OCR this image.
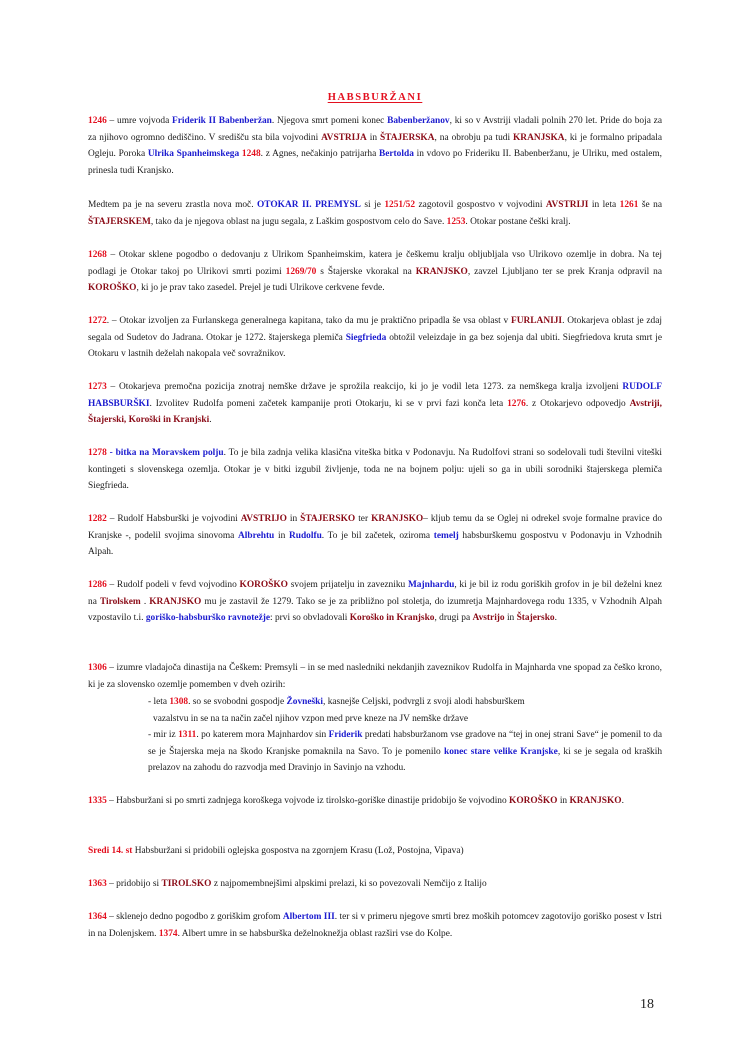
HABSBURŽANI

1246 – umre vojvoda Friderik II Babenberžan. Njegova smrt pomeni konec Babenberžanov, ki so v Avstriji vladali polnih 270 let. Pride do boja za za njihovo ogromno dediščino. V središču sta bila vojvodini AVSTRIJA in ŠTAJERSKA, na obrobju pa tudi KRANJSKA, ki je formalno pripadala Ogleju. Poroka Ulrika Spanheimskega 1248. z Agnes, nečakinjo patrijarha Bertolda in vdovo po Frideriku II. Babenberžanu, je Ulriku, med ostalem, prinesla tudi Kranjsko.

Medtem pa je na severu zrastla nova moč. OTOKAR II. PREMYSL si je 1251/52 zagotovil gospostvo v vojvodini AVSTRIJI in leta 1261 še na ŠTAJERSKEM, tako da je njegova oblast na jugu segala, z Laškim gospostvom celo do Save. 1253. Otokar postane češki kralj.

1268 – Otokar sklene pogodbo o dedovanju z Ulrikom Spanheimskim, katera je češkemu kralju obljubljala vso Ulrikovo ozemlje in dobra. Na tej podlagi je Otokar takoj po Ulrikovi smrti pozimi 1269/70 s Štajerske vkorakal na KRANJSKO, zavzel Ljubljano ter se prek Kranja odpravil na KOROŠKO, ki jo je prav tako zasedel. Prejel je tudi Ulrikove cerkvene fevde.

1272. – Otokar izvoljen za Furlanskega generalnega kapitana, tako da mu je praktično pripadla še vsa oblast v FURLANIJI. Otokarjeva oblast je zdaj segala od Sudetov do Jadrana. Otokar je 1272. štajerskega plemiča Siegfrieda obtožil veleizdaje in ga bez sojenja dal ubiti. Siegfriedova kruta smrt je Otokaru v lastnih deželah nakopala več sovražnikov.

1273 – Otokarjeva premočna pozicija znotraj nemške države je sprožila reakcijo, ki jo je vodil leta 1273. za nemškega kralja izvoljeni RUDOLF HABSBURŠKI. Izvolitev Rudolfa pomeni začetek kampanije proti Otokarju, ki se v prvi fazi konča leta 1276. z Otokarjevo odpovedjo Avstriji, Štajerski, Koroški in Kranjski.

1278 - bitka na Moravskem polju. To je bila zadnja velika klasična viteška bitka v Podonavju. Na Rudolfovi strani so sodelovali tudi številni viteški kontingeti s slovenskega ozemlja. Otokar je v bitki izgubil življenje, toda ne na bojnem polju: ujeli so ga in ubili sorodniki štajerskega plemiča Siegfrieda.

1282 – Rudolf Habsburški je vojvodini AVSTRIJO in ŠTAJERSKO ter KRANJSKO– kljub temu da se Oglej ni odrekel svoje formalne pravice do Kranjske -, podelil svojima sinovoma Albrehtu in Rudolfu. To je bil začetek, oziroma temelj habsburškemu gospostvu v Podonavju in Vzhodnih Alpah.

1286 – Rudolf podeli v fevd vojvodino KOROŠKO svojem prijatelju in zavezniku Majnhardu, ki je bil iz rodu goriških grofov in je bil deželni knez na Tirolskem . KRANJSKO mu je zastavil že 1279. Tako se je za približno pol stoletja, do izumretja Majnhardovega rodu 1335, v Vzhodnih Alpah vzpostavilo t.i. goriško-habsburško ravnotežje: prvi so obvladovali Koroško in Kranjsko, drugi pa Avstrijo in Štajersko.

1306 – izumre vladajoča dinastija na Češkem: Premsyli – in se med nasledniki nekdanjih zaveznikov Rudolfa in Majnharda vne spopad za češko krono, ki je za slovensko ozemlje pomemben v dveh ozirih:

- leta 1308. so se svobodni gospodje Žovneški, kasnejše Celjski, podvrgli z svoji alodi habsburškem
vazalstvu in se na ta način začel njihov vzpon med prve kneze na JV nemške države

- mir iz 1311. po katerem mora Majnhardov sin Friderik predati habsburžanom vse gradove na “tej in onej strani Save“ je pomenil to da se je Štajerska meja na škodo Kranjske pomaknila na Savo. To je pomenilo konec stare velike Kranjske, ki se je segala od kraških prelazov na zahodu do razvodja med Dravinjo in Savinjo na vzhodu.

1335 – Habsburžani si po smrti zadnjega koroškega vojvode iz tirolsko-goriške dinastije pridobijo še vojvodino KOROŠKO in KRANJSKO.

Sredi 14. st Habsburžani si pridobili oglejska gospostva na zgornjem Krasu (Lož, Postojna, Vipava)

1363 – pridobijo si TIROLSKO z najpomembnejšimi alpskimi prelazi, ki so povezovali Nemčijo z Italijo

1364 – sklenejo dedno pogodbo z goriškim grofom Albertom III. ter si v primeru njegove smrti brez moških potomcev zagotovijo goriško posest v Istri in na Dolenjskem. 1374. Albert umre in se habsburška deželnoknežja oblast razširi vse do Kolpe.

18
